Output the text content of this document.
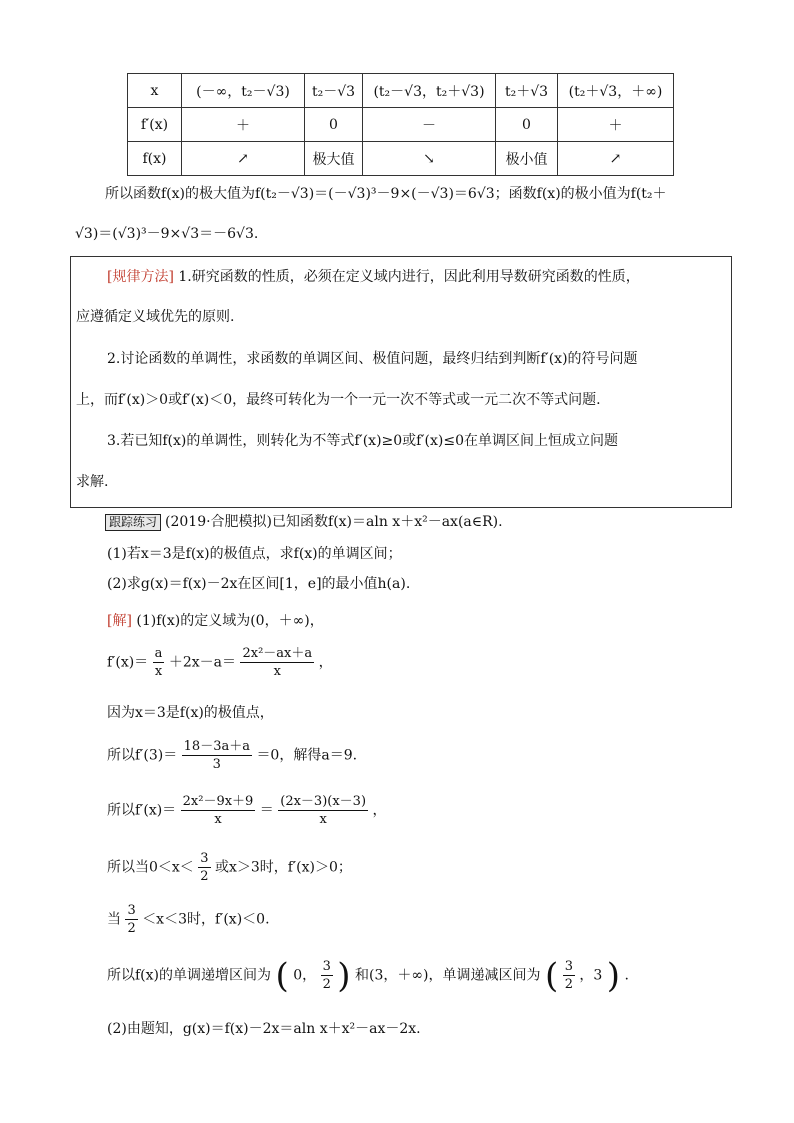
x	(－∞，t₂－√3)	t₂－√3	(t₂－√3，t₂＋√3)	t₂＋√3	(t₂＋√3，＋∞)
f′(x)	＋	0	－	0	＋
f(x)	↗	极大值	↘	极小值	↗
所以函数f(x)的极大值为f(t₂－√3)＝(－√3)³－9×(－√3)＝6√3；函数f(x)的极小值为f(t₂＋
√3)＝(√3)³－9×√3＝－6√3.
[规律方法] 1.研究函数的性质，必须在定义域内进行，因此利用导数研究函数的性质，
应遵循定义域优先的原则.
2.讨论函数的单调性，求函数的单调区间、极值问题，最终归结到判断f′(x)的符号问题
上，而f′(x)＞0或f′(x)＜0，最终可转化为一个一元一次不等式或一元二次不等式问题.
3.若已知f(x)的单调性，则转化为不等式f′(x)≥0或f′(x)≤0在单调区间上恒成立问题
求解.
跟踪练习 (2019·合肥模拟)已知函数f(x)＝aln x＋x²－ax(a∈R).
(1)若x＝3是f(x)的极值点，求f(x)的单调区间；
(2)求g(x)＝f(x)－2x在区间[1，e]的最小值h(a).
[解] (1)f(x)的定义域为(0，＋∞)，
$f'(x)= \frac{a}{x} +2x-a= \frac{\text{2x²－ax＋a}}{x}$ ，
因为x＝3是f(x)的极值点，
所以$f'(3)= \frac{18-3a+a}{3} =0$，解得a＝9.
所以$f'(x)= \frac{\text{2x²－9x＋9}}{x} = \frac{(2x-3)(x-3)}{x}$ ，
所以当$0<x< \frac{3}{2}$ 或x＞3时，f′(x)＞0；
当 $\frac{3}{2} <x<3$时，f′(x)＜0.
所以f(x)的单调递增区间为 ( 0， $\frac{3}{2}$ ) 和(3，＋∞)，单调递减区间为 ( $\frac{3}{2}$ ，3 ) .
(2)由题知，g(x)＝f(x)－2x＝aln x＋x²－ax－2x.
